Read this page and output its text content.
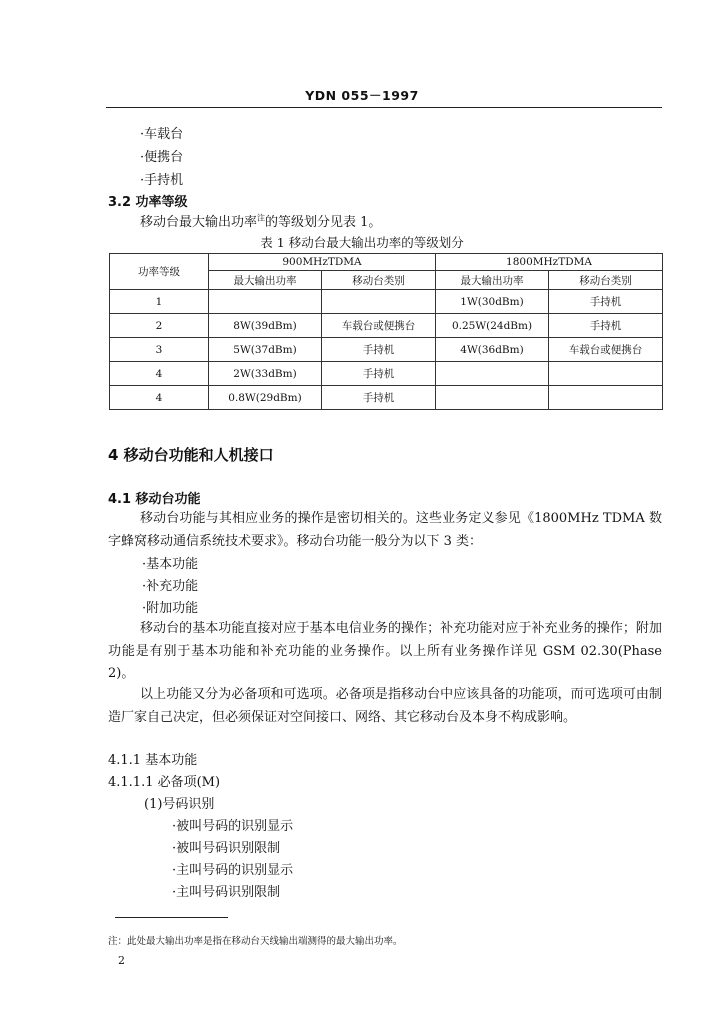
YDN 055－1997
·车载台
·便携台
·手持机
3.2 功率等级
移动台最大输出功率$^注$的等级划分见表 1。
表 1 移动台最大输出功率的等级划分
功率等级	900MHzTDMA		1800MHzTDMA	
	最大输出功率	移动台类别	最大输出功率	移动台类别
1			1W(30dBm)	手持机
2	8W(39dBm)	车载台或便携台	0.25W(24dBm)	手持机
3	5W(37dBm)	手持机	4W(36dBm)	车载台或便携台
4	2W(33dBm)	手持机		
4	0.8W(29dBm)	手持机		
4 移动台功能和人机接口
4.1 移动台功能
移动台功能与其相应业务的操作是密切相关的。这些业务定义参见《1800MHz TDMA 数字蜂窝移动通信系统技术要求》。移动台功能一般分为以下 3 类：
·基本功能
·补充功能
·附加功能
移动台的基本功能直接对应于基本电信业务的操作；补充功能对应于补充业务的操作；附加功能是有别于基本功能和补充功能的业务操作。以上所有业务操作详见 GSM 02.30(Phase 2)。
以上功能又分为必备项和可选项。必备项是指移动台中应该具备的功能项，而可选项可由制造厂家自己决定，但必须保证对空间接口、网络、其它移动台及本身不构成影响。
4.1.1 基本功能
4.1.1.1 必备项(M)
(1)号码识别
·被叫号码的识别显示
·被叫号码识别限制
·主叫号码的识别显示
·主叫号码识别限制
注：此处最大输出功率是指在移动台天线输出端测得的最大输出功率。
2
